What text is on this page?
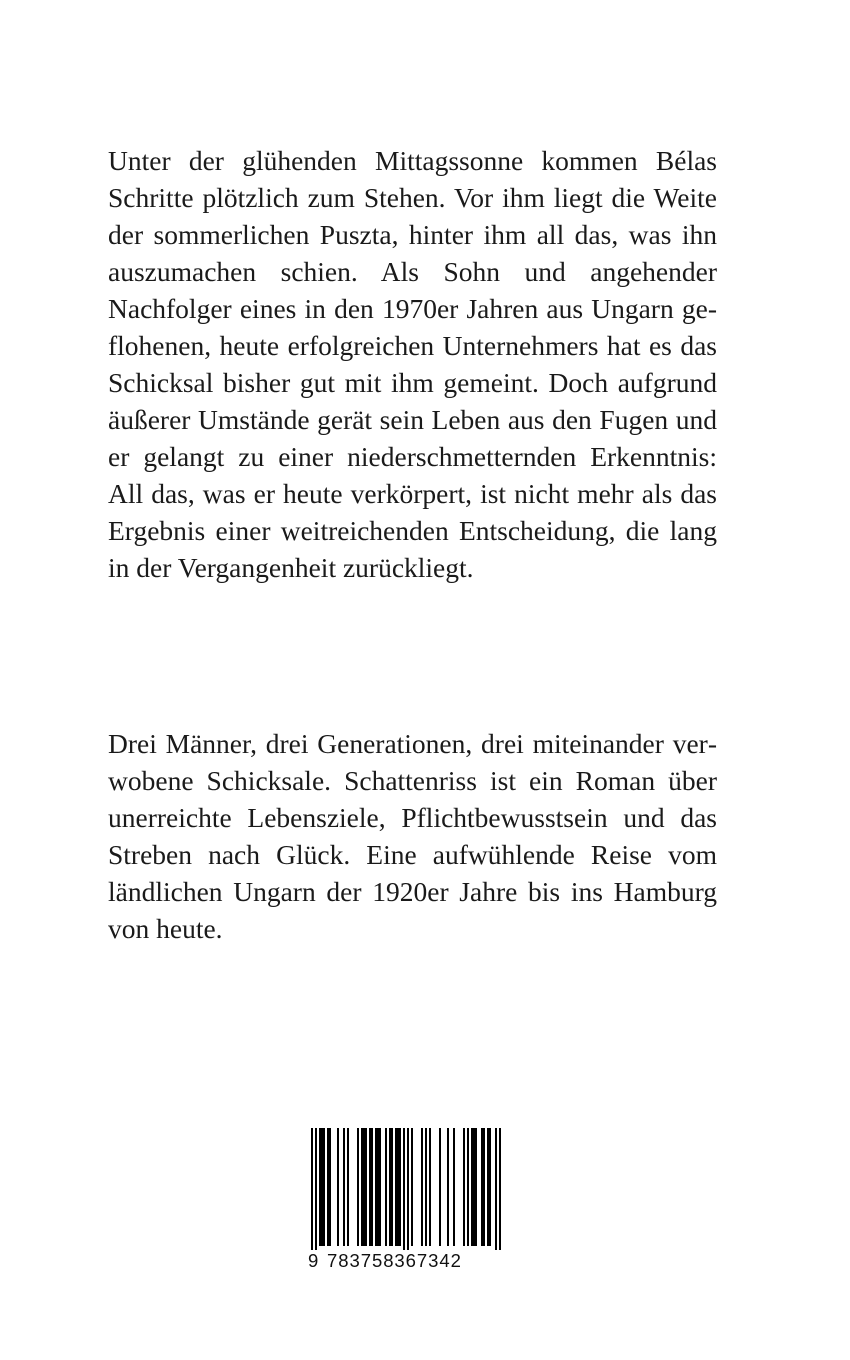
Unter der glühenden Mittagssonne kommen Bélas Schritte plötzlich zum Stehen. Vor ihm liegt die Weite der sommerlichen Puszta, hinter ihm all das, was ihn auszumachen schien. Als Sohn und angehender Nachfolger eines in den 1970er Jahren aus Ungarn geflohenen, heute erfolgreichen Unternehmers hat es das Schicksal bisher gut mit ihm gemeint. Doch aufgrund äußerer Umstände gerät sein Leben aus den Fugen und er gelangt zu einer niederschmetternden Erkenntnis: All das, was er heute verkörpert, ist nicht mehr als das Ergebnis einer weitreichenden Entscheidung, die lang in der Vergangenheit zurückliegt.

Drei Männer, drei Generationen, drei miteinander verwobene Schicksale. Schattenriss ist ein Roman über unerreichte Lebensziele, Pflichtbewusstsein und das Streben nach Glück. Eine aufwühlende Reise vom ländlichen Ungarn der 1920er Jahre bis ins Hamburg von heute.

9 783758367342
